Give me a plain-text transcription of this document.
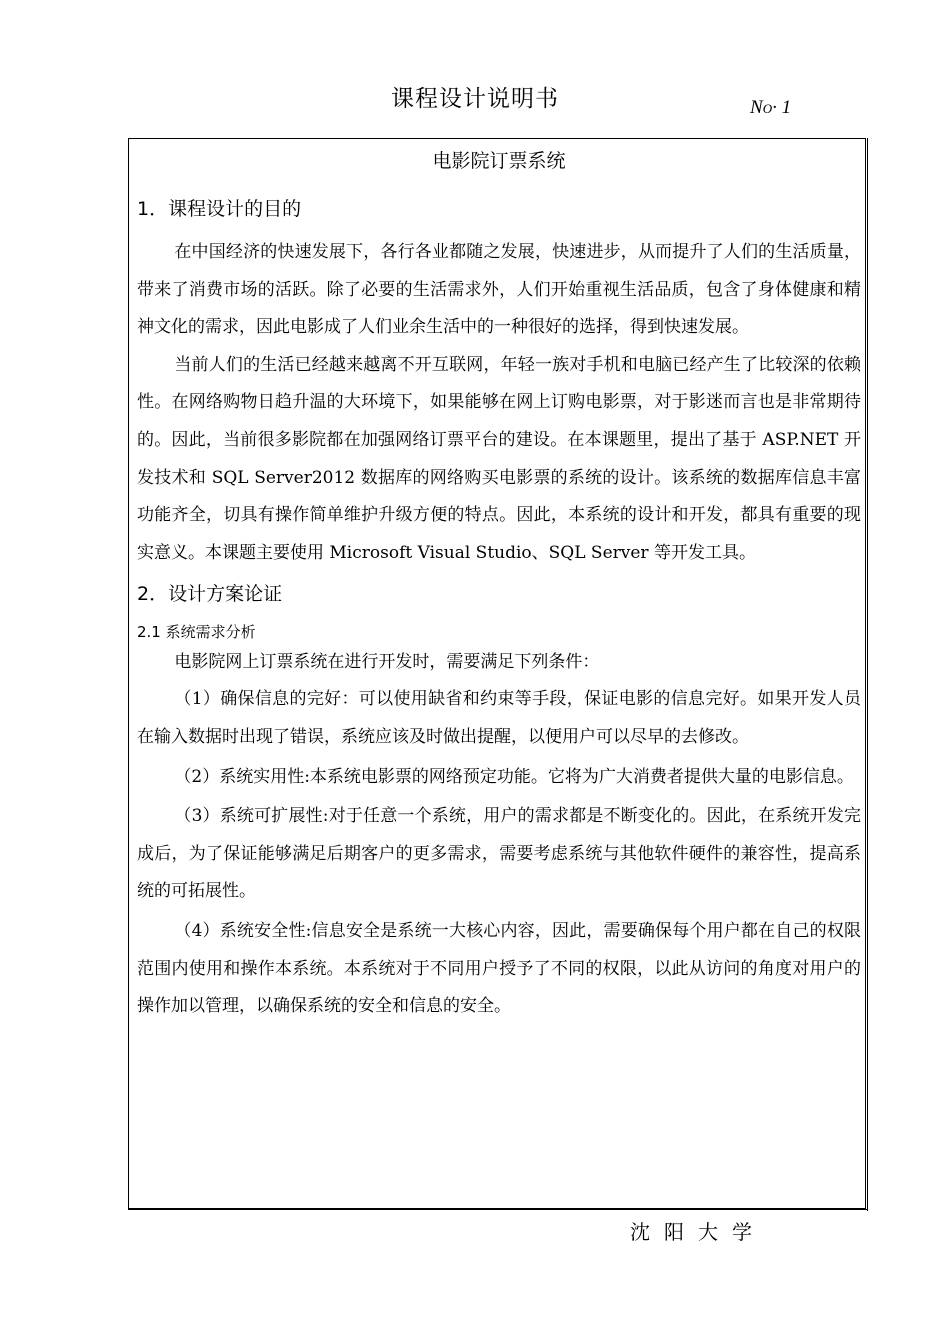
课程设计说明书	NO· 1
电影院订票系统
1．课程设计的目的

在中国经济的快速发展下，各行各业都随之发展，快速进步，从而提升了人们的生活质量，带来了消费市场的活跃。除了必要的生活需求外，人们开始重视生活品质，包含了身体健康和精神文化的需求，因此电影成了人们业余生活中的一种很好的选择，得到快速发展。

当前人们的生活已经越来越离不开互联网，年轻一族对手机和电脑已经产生了比较深的依赖性。在网络购物日趋升温的大环境下，如果能够在网上订购电影票，对于影迷而言也是非常期待的。因此，当前很多影院都在加强网络订票平台的建设。在本课题里，提出了基于 ASP.NET 开发技术和 SQL Server2012 数据库的网络购买电影票的系统的设计。该系统的数据库信息丰富功能齐全，切具有操作简单维护升级方便的特点。因此，本系统的设计和开发，都具有重要的现实意义。本课题主要使用 Microsoft Visual Studio、SQL Server 等开发工具。

2．设计方案论证
2.1 系统需求分析

电影院网上订票系统在进行开发时，需要满足下列条件：

（1）确保信息的完好：可以使用缺省和约束等手段，保证电影的信息完好。如果开发人员在输入数据时出现了错误，系统应该及时做出提醒，以便用户可以尽早的去修改。

（2）系统实用性:本系统电影票的网络预定功能。它将为广大消费者提供大量的电影信息。

（3）系统可扩展性:对于任意一个系统，用户的需求都是不断变化的。因此，在系统开发完成后，为了保证能够满足后期客户的更多需求，需要考虑系统与其他软件硬件的兼容性，提高系统的可拓展性。

（4）系统安全性:信息安全是系统一大核心内容，因此，需要确保每个用户都在自己的权限范围内使用和操作本系统。本系统对于不同用户授予了不同的权限，以此从访问的角度对用户的操作加以管理，以确保系统的安全和信息的安全。

沈阳大学
